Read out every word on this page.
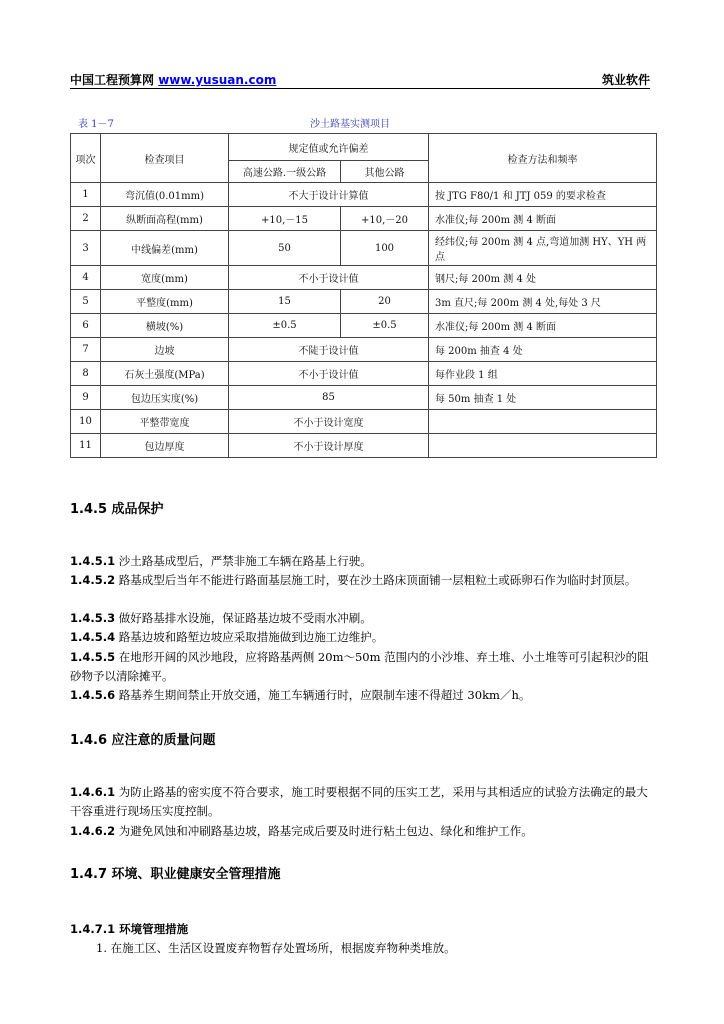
中国工程预算网 www.yusuan.com	筑业软件
表 1－7	沙土路基实测项目
项次	检查项目	规定值或允许偏差		检查方法和频率
		高速公路.一级公路	其他公路	
1	弯沉值(0.01mm)	不大于设计计算值		按 JTG F80/1 和 JTJ 059 的要求检查
2	纵断面高程(mm)	+10,－15	+10,－20	水准仪;每 200m 测 4 断面
3	中线偏差(mm)	50	100	经纬仪;每 200m 测 4 点,弯道加测 HY、YH 两点
4	宽度(mm)	不小于设计值		钢尺;每 200m 测 4 处
5	平整度(mm)	15	20	3m 直尺;每 200m 测 4 处,每处 3 尺
6	横坡(%)	±0.5	±0.5	水准仪;每 200m 测 4 断面
7	边坡	不陡于设计值		每 200m 抽查 4 处
8	石灰土强度(MPa)	不小于设计值		每作业段 1 组
9	包边压实度(%)	85		每 50m 抽查 1 处
10	平整带宽度	不小于设计宽度		
11	包边厚度	不小于设计厚度		
1.4.5 成品保护

1.4.5.1 沙土路基成型后，严禁非施工车辆在路基上行驶。

1.4.5.2 路基成型后当年不能进行路面基层施工时，要在沙土路床顶面铺一层粗粒土或砾卵石作为临时封顶层。

1.4.5.3 做好路基排水设施，保证路基边坡不受雨水冲刷。

1.4.5.4 路基边坡和路堑边坡应采取措施做到边施工边维护。

1.4.5.5 在地形开阔的风沙地段，应将路基两侧 20m～50m 范围内的小沙堆、弃土堆、小土堆等可引起积沙的阻砂物予以清除摊平。

1.4.5.6 路基养生期间禁止开放交通，施工车辆通行时，应限制车速不得超过 30km／h。

1.4.6 应注意的质量问题

1.4.6.1 为防止路基的密实度不符合要求，施工时要根据不同的压实工艺，采用与其相适应的试验方法确定的最大干容重进行现场压实度控制。

1.4.6.2 为避免风蚀和冲刷路基边坡，路基完成后要及时进行粘土包边、绿化和维护工作。

1.4.7 环境、职业健康安全管理措施
1.4.7.1 环境管理措施
1. 在施工区、生活区设置废弃物暂存处置场所，根据废弃物种类堆放。
